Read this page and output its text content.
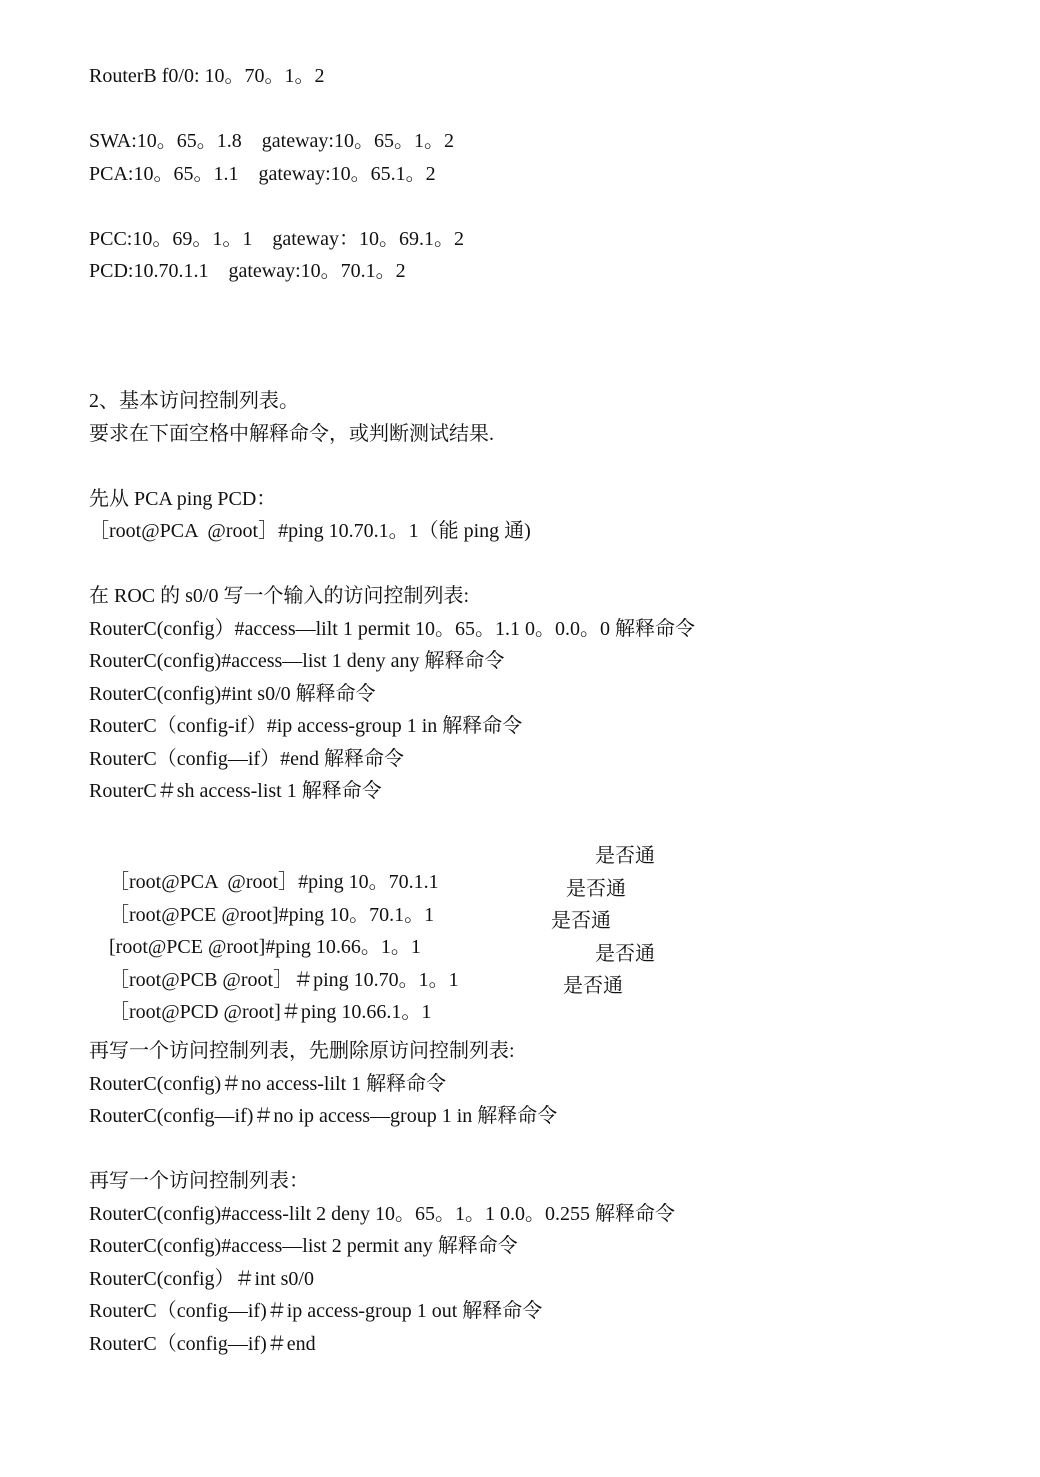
RouterB f0/0: 10。70。1。2
SWA:10。65。1.8    gateway:10。65。1。2
PCA:10。65。1.1    gateway:10。65.1。2
PCC:10。69。1。1    gateway：10。69.1。2
PCD:10.70.1.1    gateway:10。70.1。2
2、基本访问控制列表。
要求在下面空格中解释命令，或判断测试结果.
先从 PCA ping PCD：
［root@PCA  @root］#ping 10.70.1。1（能 ping 通)
在 ROC 的 s0/0 写一个输入的访问控制列表:
RouterC(config）#access—lilt 1 permit 10。65。1.1 0。0.0。0 解释命令
RouterC(config)#access—list 1 deny any 解释命令
RouterC(config)#int s0/0 解释命令
RouterC（config-if）#ip access-group 1 in 解释命令
RouterC（config—if）#end 解释命令
RouterC＃sh access-list 1 解释命令

［root@PCA  @root］#ping 10。70.1.1

是否通

［root@PCE @root]#ping 10。70.1。1

是否通

[root@PCE @root]#ping 10.66。1。1

是否通

［root@PCB @root］＃ping 10.70。1。1

是否通

［root@PCD @root]＃ping 10.66.1。1

是否通

再写一个访问控制列表，先删除原访问控制列表:
RouterC(config)＃no access-lilt 1 解释命令
RouterC(config—if)＃no ip access—group 1 in 解释命令
再写一个访问控制列表：
RouterC(config)#access-lilt 2 deny 10。65。1。1 0.0。0.255 解释命令
RouterC(config)#access—list 2 permit any 解释命令
RouterC(config）＃int s0/0
RouterC（config—if)＃ip access-group 1 out 解释命令
RouterC（config—if)＃end
